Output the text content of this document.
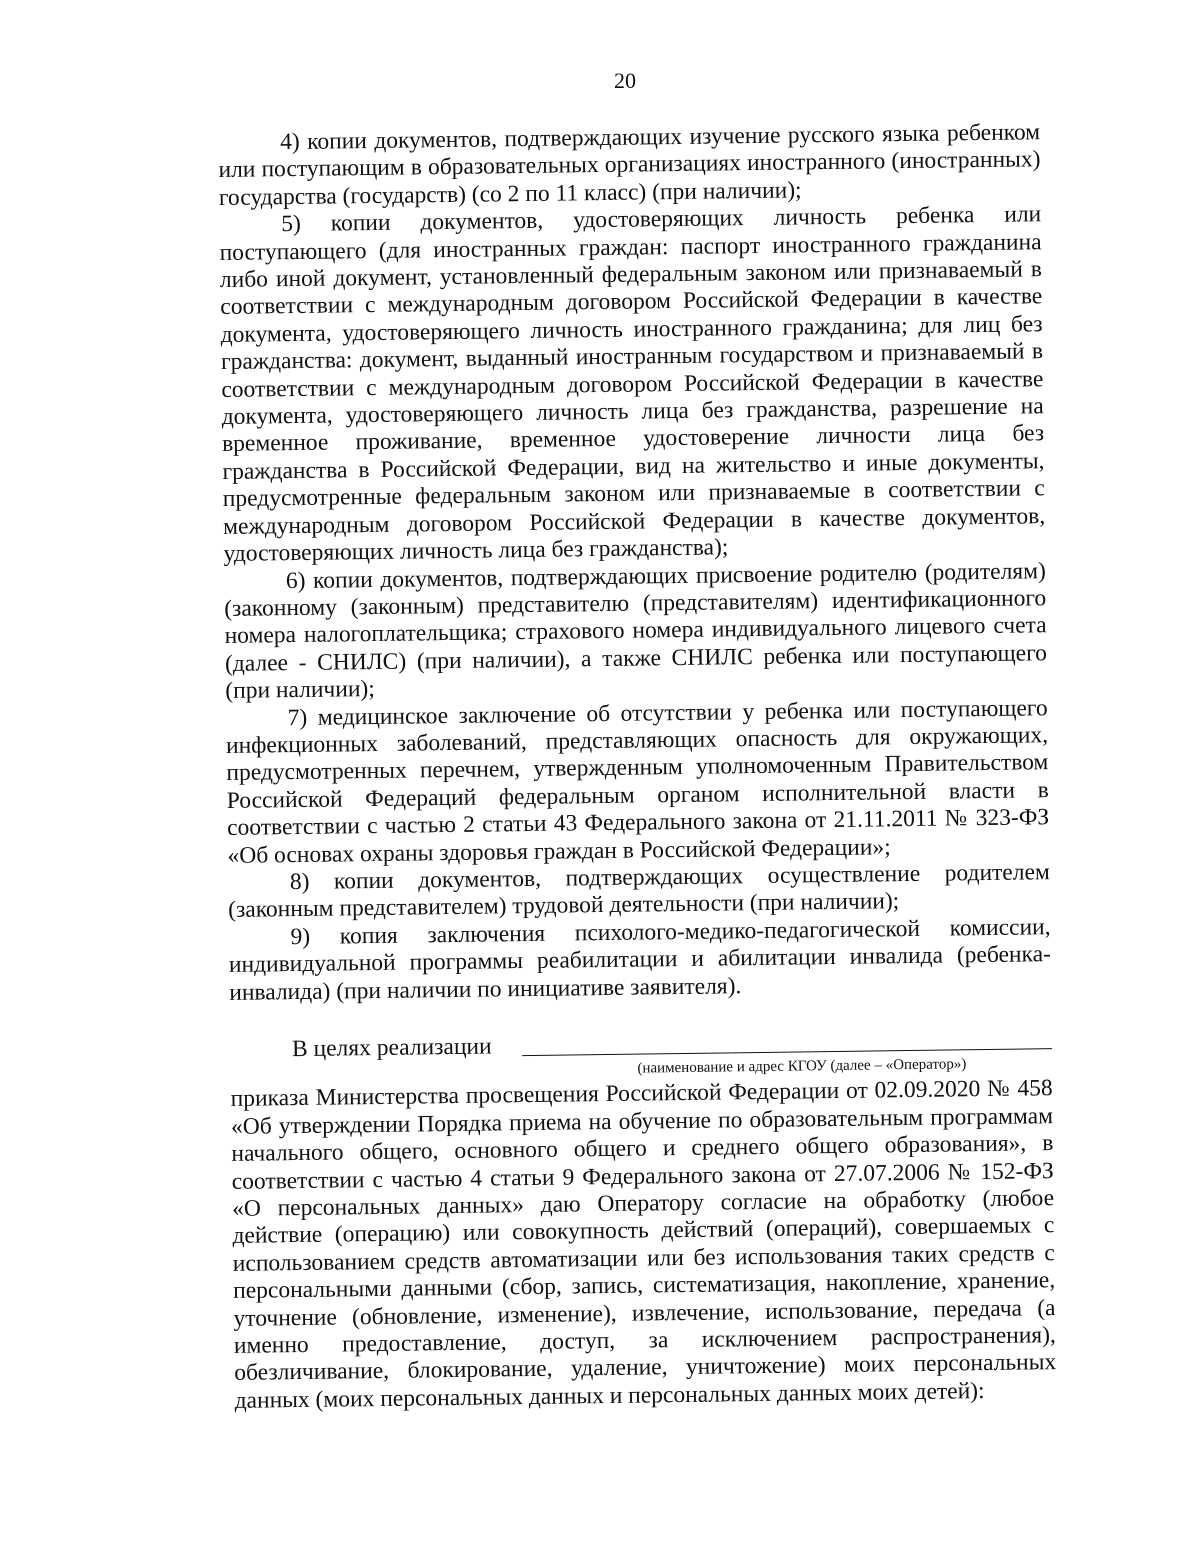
20

4) копии документов, подтверждающих изучение русского языка ребенком или поступающим в образовательных организациях иностранного (иностранных) государства (государств) (со 2 по 11 класс) (при наличии);

5) копии документов, удостоверяющих личность ребенка или поступающего (для иностранных граждан: паспорт иностранного гражданина либо иной документ, установленный федеральным законом или признаваемый в соответствии с международным договором Российской Федерации в качестве документа, удостоверяющего личность иностранного гражданина; для лиц без гражданства: документ, выданный иностранным государством и признаваемый в соответствии с международным договором Российской Федерации в качестве документа, удостоверяющего личность лица без гражданства, разрешение на временное проживание, временное удостоверение личности лица без гражданства в Российской Федерации, вид на жительство и иные документы, предусмотренные федеральным законом или признаваемые в соответствии с международным договором Российской Федерации в качестве документов, удостоверяющих личность лица без гражданства);

6) копии документов, подтверждающих присвоение родителю (родителям) (законному (законным) представителю (представителям) идентификационного номера налогоплательщика; страхового номера индивидуального лицевого счета (далее - СНИЛС) (при наличии), а также СНИЛС ребенка или поступающего (при наличии);

7) медицинское заключение об отсутствии у ребенка или поступающего инфекционных заболеваний, представляющих опасность для окружающих, предусмотренных перечнем, утвержденным уполномоченным Правительством Российской Федераций федеральным органом исполнительной власти в соответствии с частью 2 статьи 43 Федерального закона от 21.11.2011 № 323-ФЗ «Об основах охраны здоровья граждан в Российской Федерации»;

8) копии документов, подтверждающих осуществление родителем (законным представителем) трудовой деятельности (при наличии);

9) копия заключения психолого-медико-педагогической комиссии, индивидуальной программы реабилитации и абилитации инвалида (ребенка-инвалида) (при наличии по инициативе заявителя).

В целях реализации
(наименование и адрес КГОУ (далее – «Оператор»)

приказа Министерства просвещения Российской Федерации от 02.09.2020 № 458 «Об утверждении Порядка приема на обучение по образовательным программам начального общего, основного общего и среднего общего образования», в соответствии с частью 4 статьи 9 Федерального закона от 27.07.2006 № 152-ФЗ «О персональных данных» даю Оператору согласие на обработку (любое действие (операцию) или совокупность действий (операций), совершаемых с использованием средств автоматизации или без использования таких средств с персональными данными (сбор, запись, систематизация, накопление, хранение, уточнение (обновление, изменение), извлечение, использование, передача (а именно предоставление, доступ, за исключением распространения), обезличивание, блокирование, удаление, уничтожение) моих персональных данных (моих персональных данных и персональных данных моих детей):
